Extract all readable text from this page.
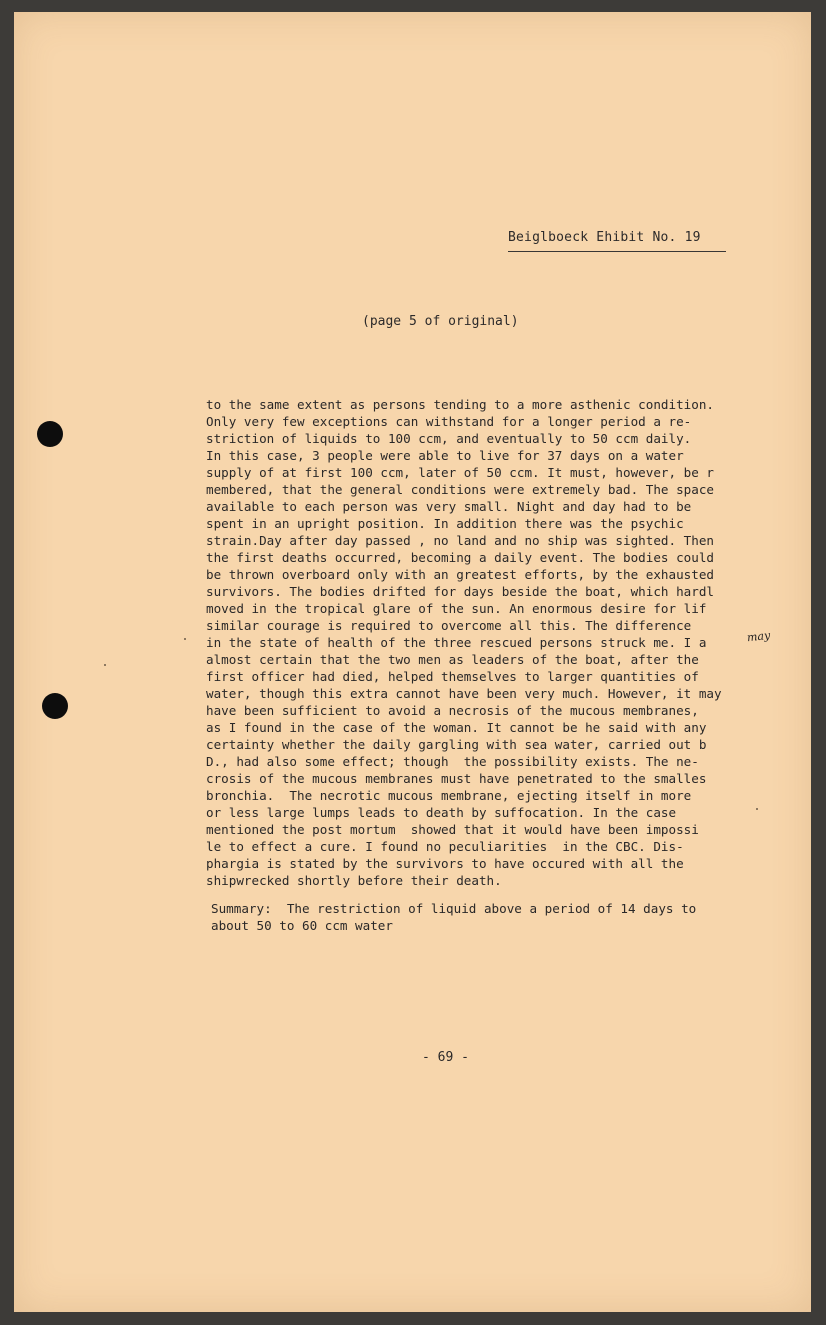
Beiglboeck Ehibit No. 19
(page 5 of original)
to the same extent as persons tending to a more asthenic condition.
Only very few exceptions can withstand for a longer period a re-
striction of liquids to 100 ccm, and eventually to 50 ccm daily.
In this case, 3 people were able to live for 37 days on a water
supply of at first 100 ccm, later of 50 ccm. It must, however, be r
membered, that the general conditions were extremely bad. The space
available to each person was very small. Night and day had to be
spent in an upright position. In addition there was the psychic
strain.Day after day passed , no land and no ship was sighted. Then
the first deaths occurred, becoming a daily event. The bodies could
be thrown overboard only with an greatest efforts, by the exhausted
survivors. The bodies drifted for days beside the boat, which hardl
moved in the tropical glare of the sun. An enormous desire for lif
similar courage is required to overcome all this. The difference
in the state of health of the three rescued persons struck me. I a
almost certain that the two men as leaders of the boat, after the
first officer had died, helped themselves to larger quantities of
water, though this extra cannot have been very much. However, it may
have been sufficient to avoid a necrosis of the mucous membranes,
as I found in the case of the woman. It cannot be he said with any
certainty whether the daily gargling with sea water, carried out b
D., had also some effect; though  the possibility exists. The ne-
crosis of the mucous membranes must have penetrated to the smalles
bronchia.  The necrotic mucous membrane, ejecting itself in more
or less large lumps leads to death by suffocation. In the case
mentioned the post mortum  showed that it would have been impossi
le to effect a cure. I found no peculiarities  in the CBC. Dis-
phargia is stated by the survivors to have occured with all the
shipwrecked shortly before their death.
may
Summary:  The restriction of liquid above a period of 14 days to
about 50 to 60 ccm water
- 69 -
